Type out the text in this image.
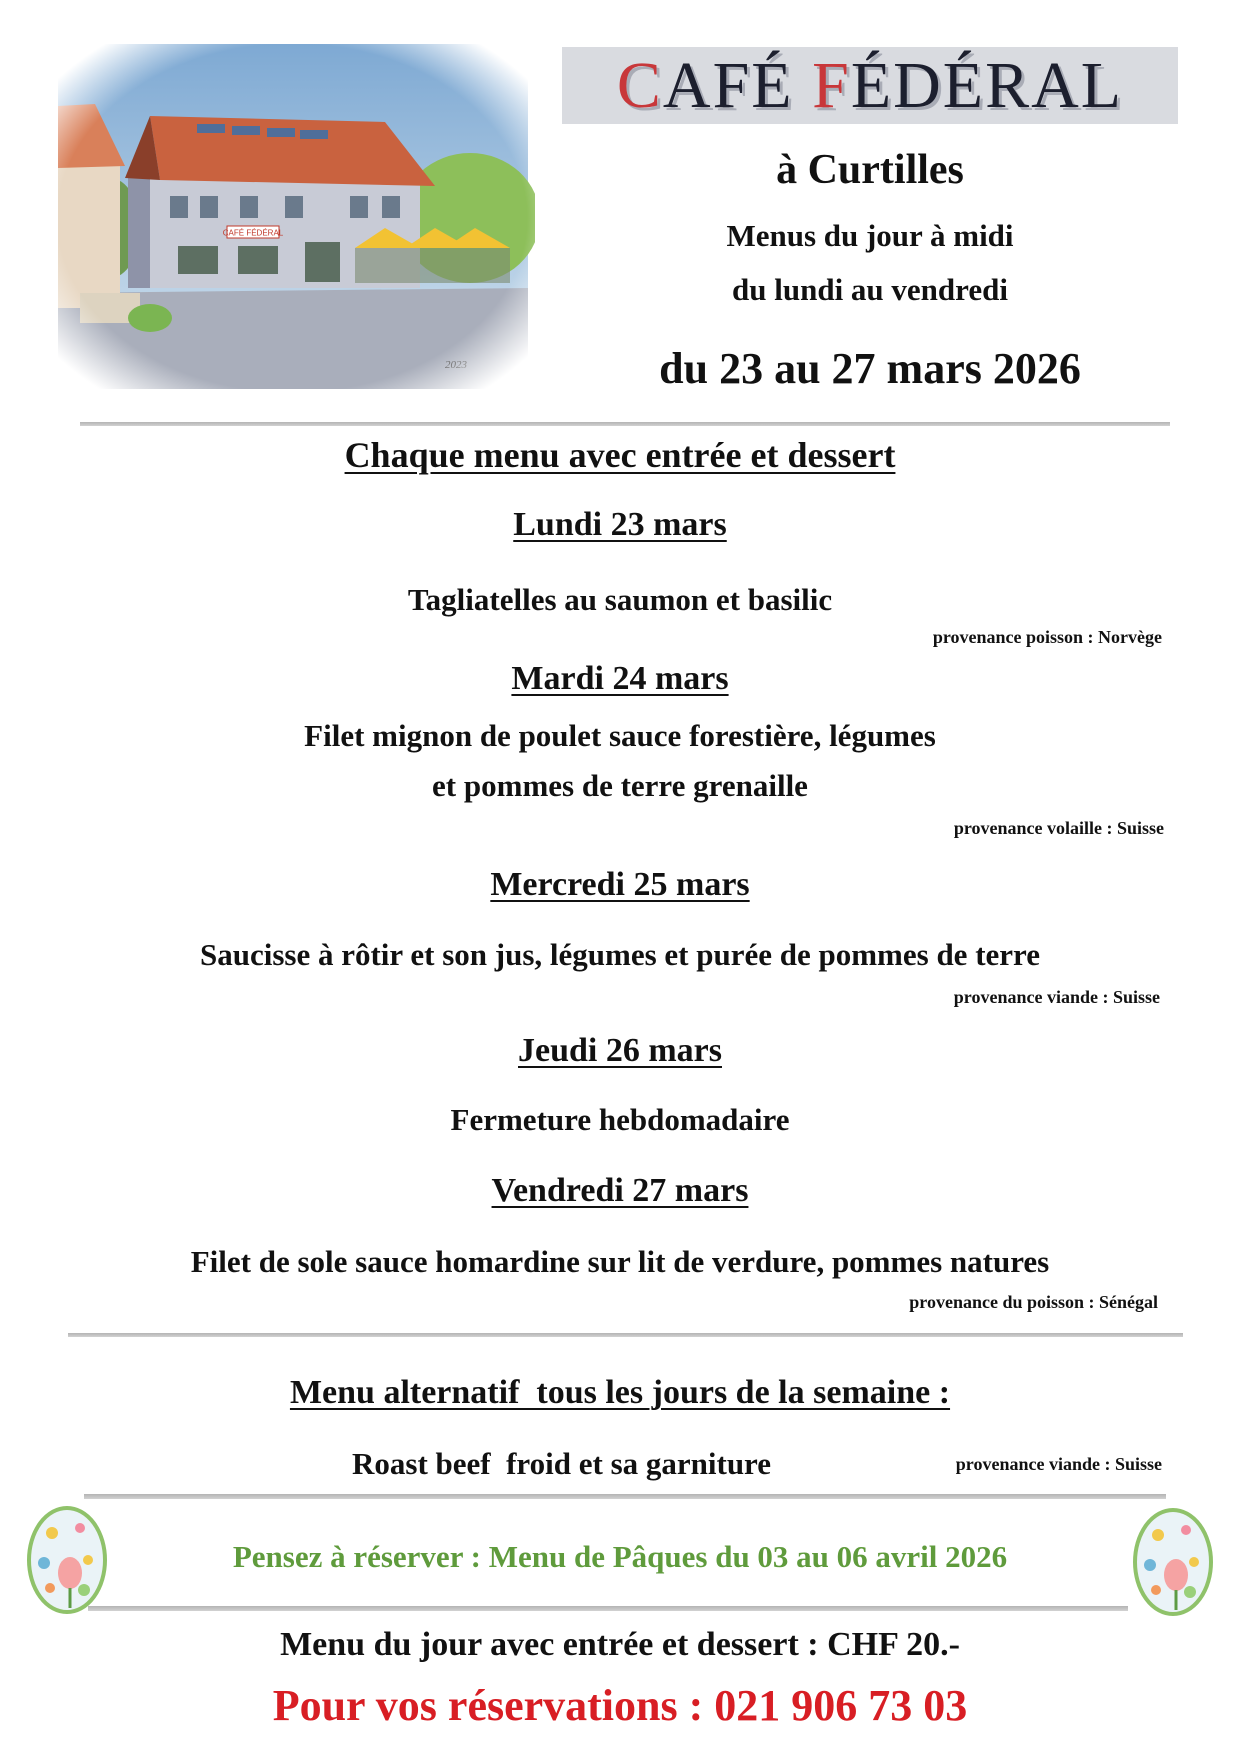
CAFÉ FÉDÉRAL
à Curtilles
Menus du jour à midi
du lundi au vendredi
du 23 au 27 mars 2026
Chaque menu avec entrée et dessert
Lundi 23 mars
Tagliatelles au saumon et basilic
provenance poisson : Norvège
Mardi 24 mars
Filet mignon de poulet sauce forestière, légumes
et pommes de terre grenaille
provenance volaille : Suisse
Mercredi 25 mars
Saucisse à rôtir et son jus, légumes et purée de pommes de terre
provenance viande : Suisse
Jeudi 26 mars
Fermeture hebdomadaire
Vendredi 27 mars
Filet de sole sauce homardine sur lit de verdure, pommes natures
provenance du poisson : Sénégal
Menu alternatif  tous les jours de la semaine :
Roast beef  froid et sa garniture	provenance viande : Suisse
Pensez à réserver : Menu de Pâques du 03 au 06 avril 2026
Menu du jour avec entrée et dessert : CHF 20.-
Pour vos réservations : 021 906 73 03
